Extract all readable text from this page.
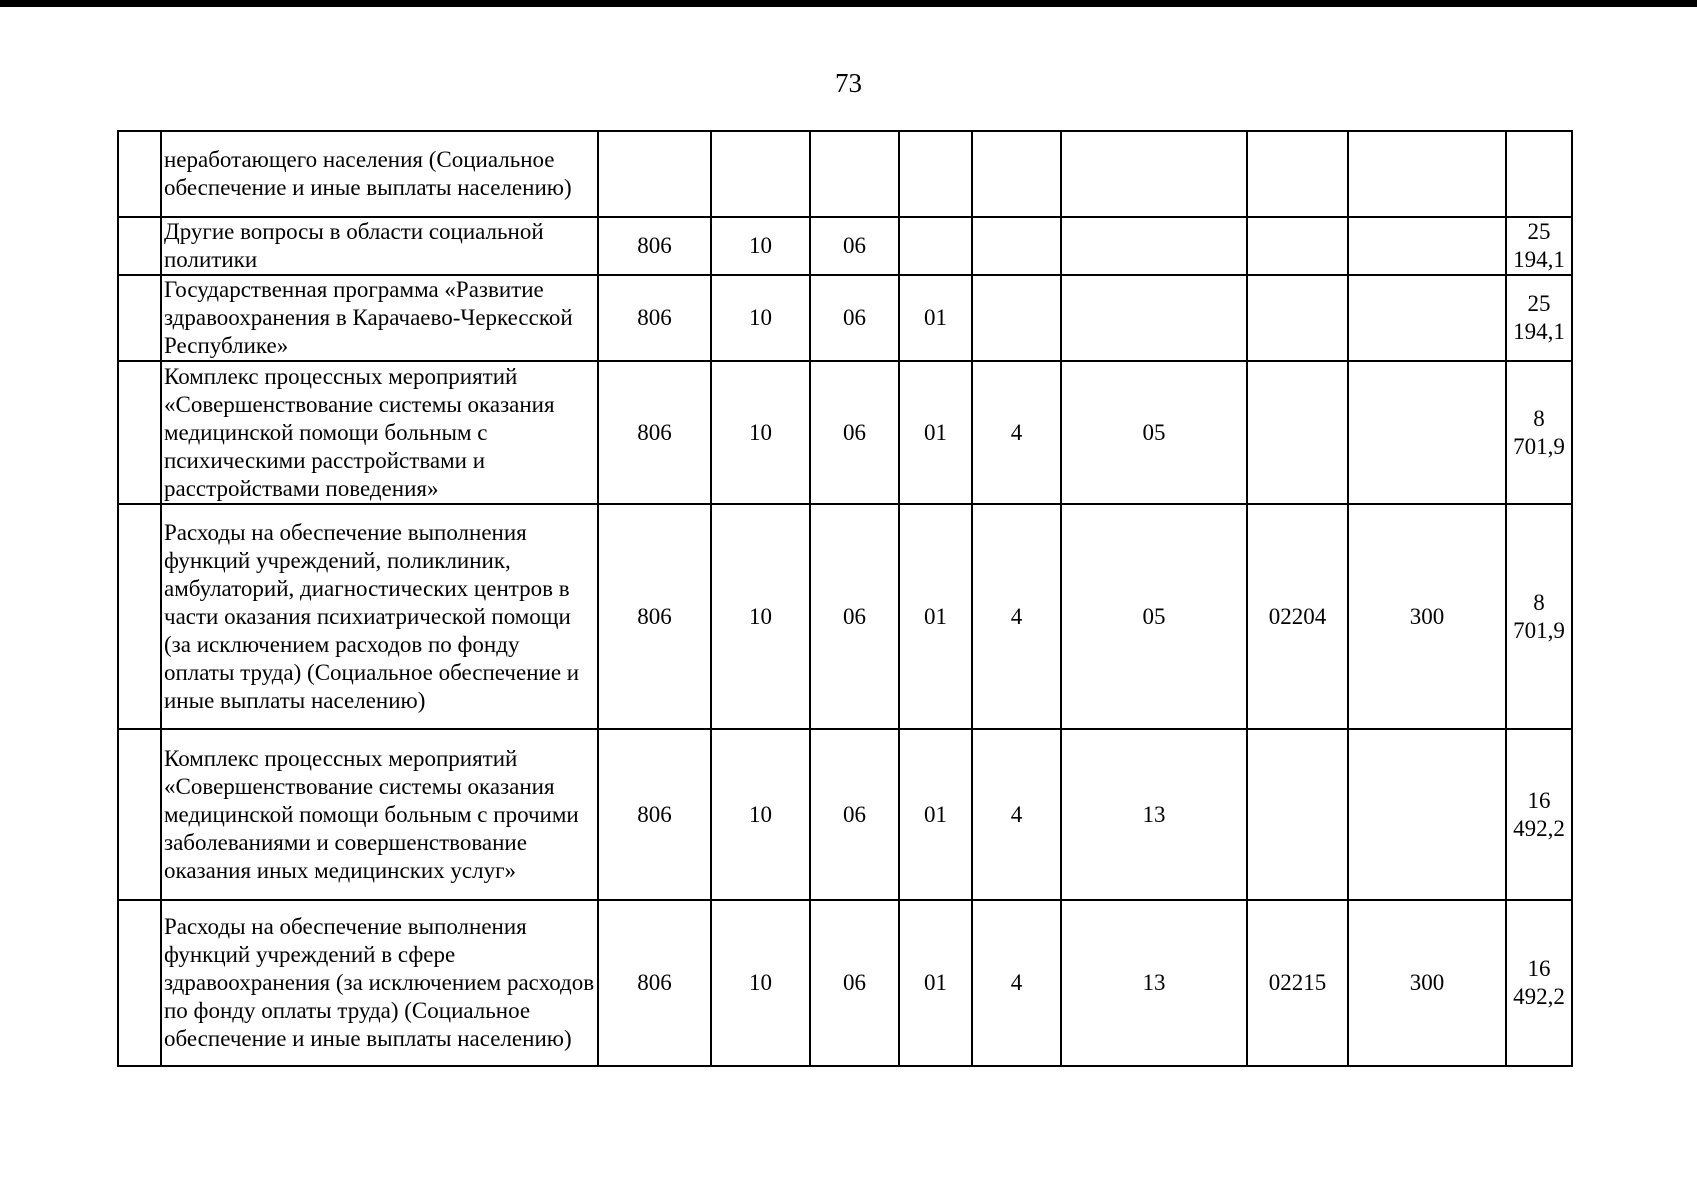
73
	неработающего населения (Социальное обеспечение и иные выплаты населению)									
	Другие вопросы в области социальной политики	806	10	06						25 194,1
	Государственная программа «Развитие здравоохранения в Карачаево-Черкесской Республике»	806	10	06	01					25 194,1
	Комплекс процессных мероприятий «Совершенствование системы оказания медицинской помощи больным с психическими расстройствами и расстройствами поведения»	806	10	06	01	4	05			8 701,9
	Расходы на обеспечение выполнения функций учреждений, поликлиник, амбулаторий, диагностических центров в части оказания психиатрической помощи (за исключением расходов по фонду оплаты труда) (Социальное обеспечение и иные выплаты населению)	806	10	06	01	4	05	02204	300	8 701,9
	Комплекс процессных мероприятий «Совершенствование системы оказания медицинской помощи больным с прочими заболеваниями и совершенствование оказания иных медицинских услуг»	806	10	06	01	4	13			16 492,2
	Расходы на обеспечение выполнения функций учреждений в сфере здравоохранения (за исключением расходов по фонду оплаты труда) (Социальное обеспечение и иные выплаты населению)	806	10	06	01	4	13	02215	300	16 492,2
